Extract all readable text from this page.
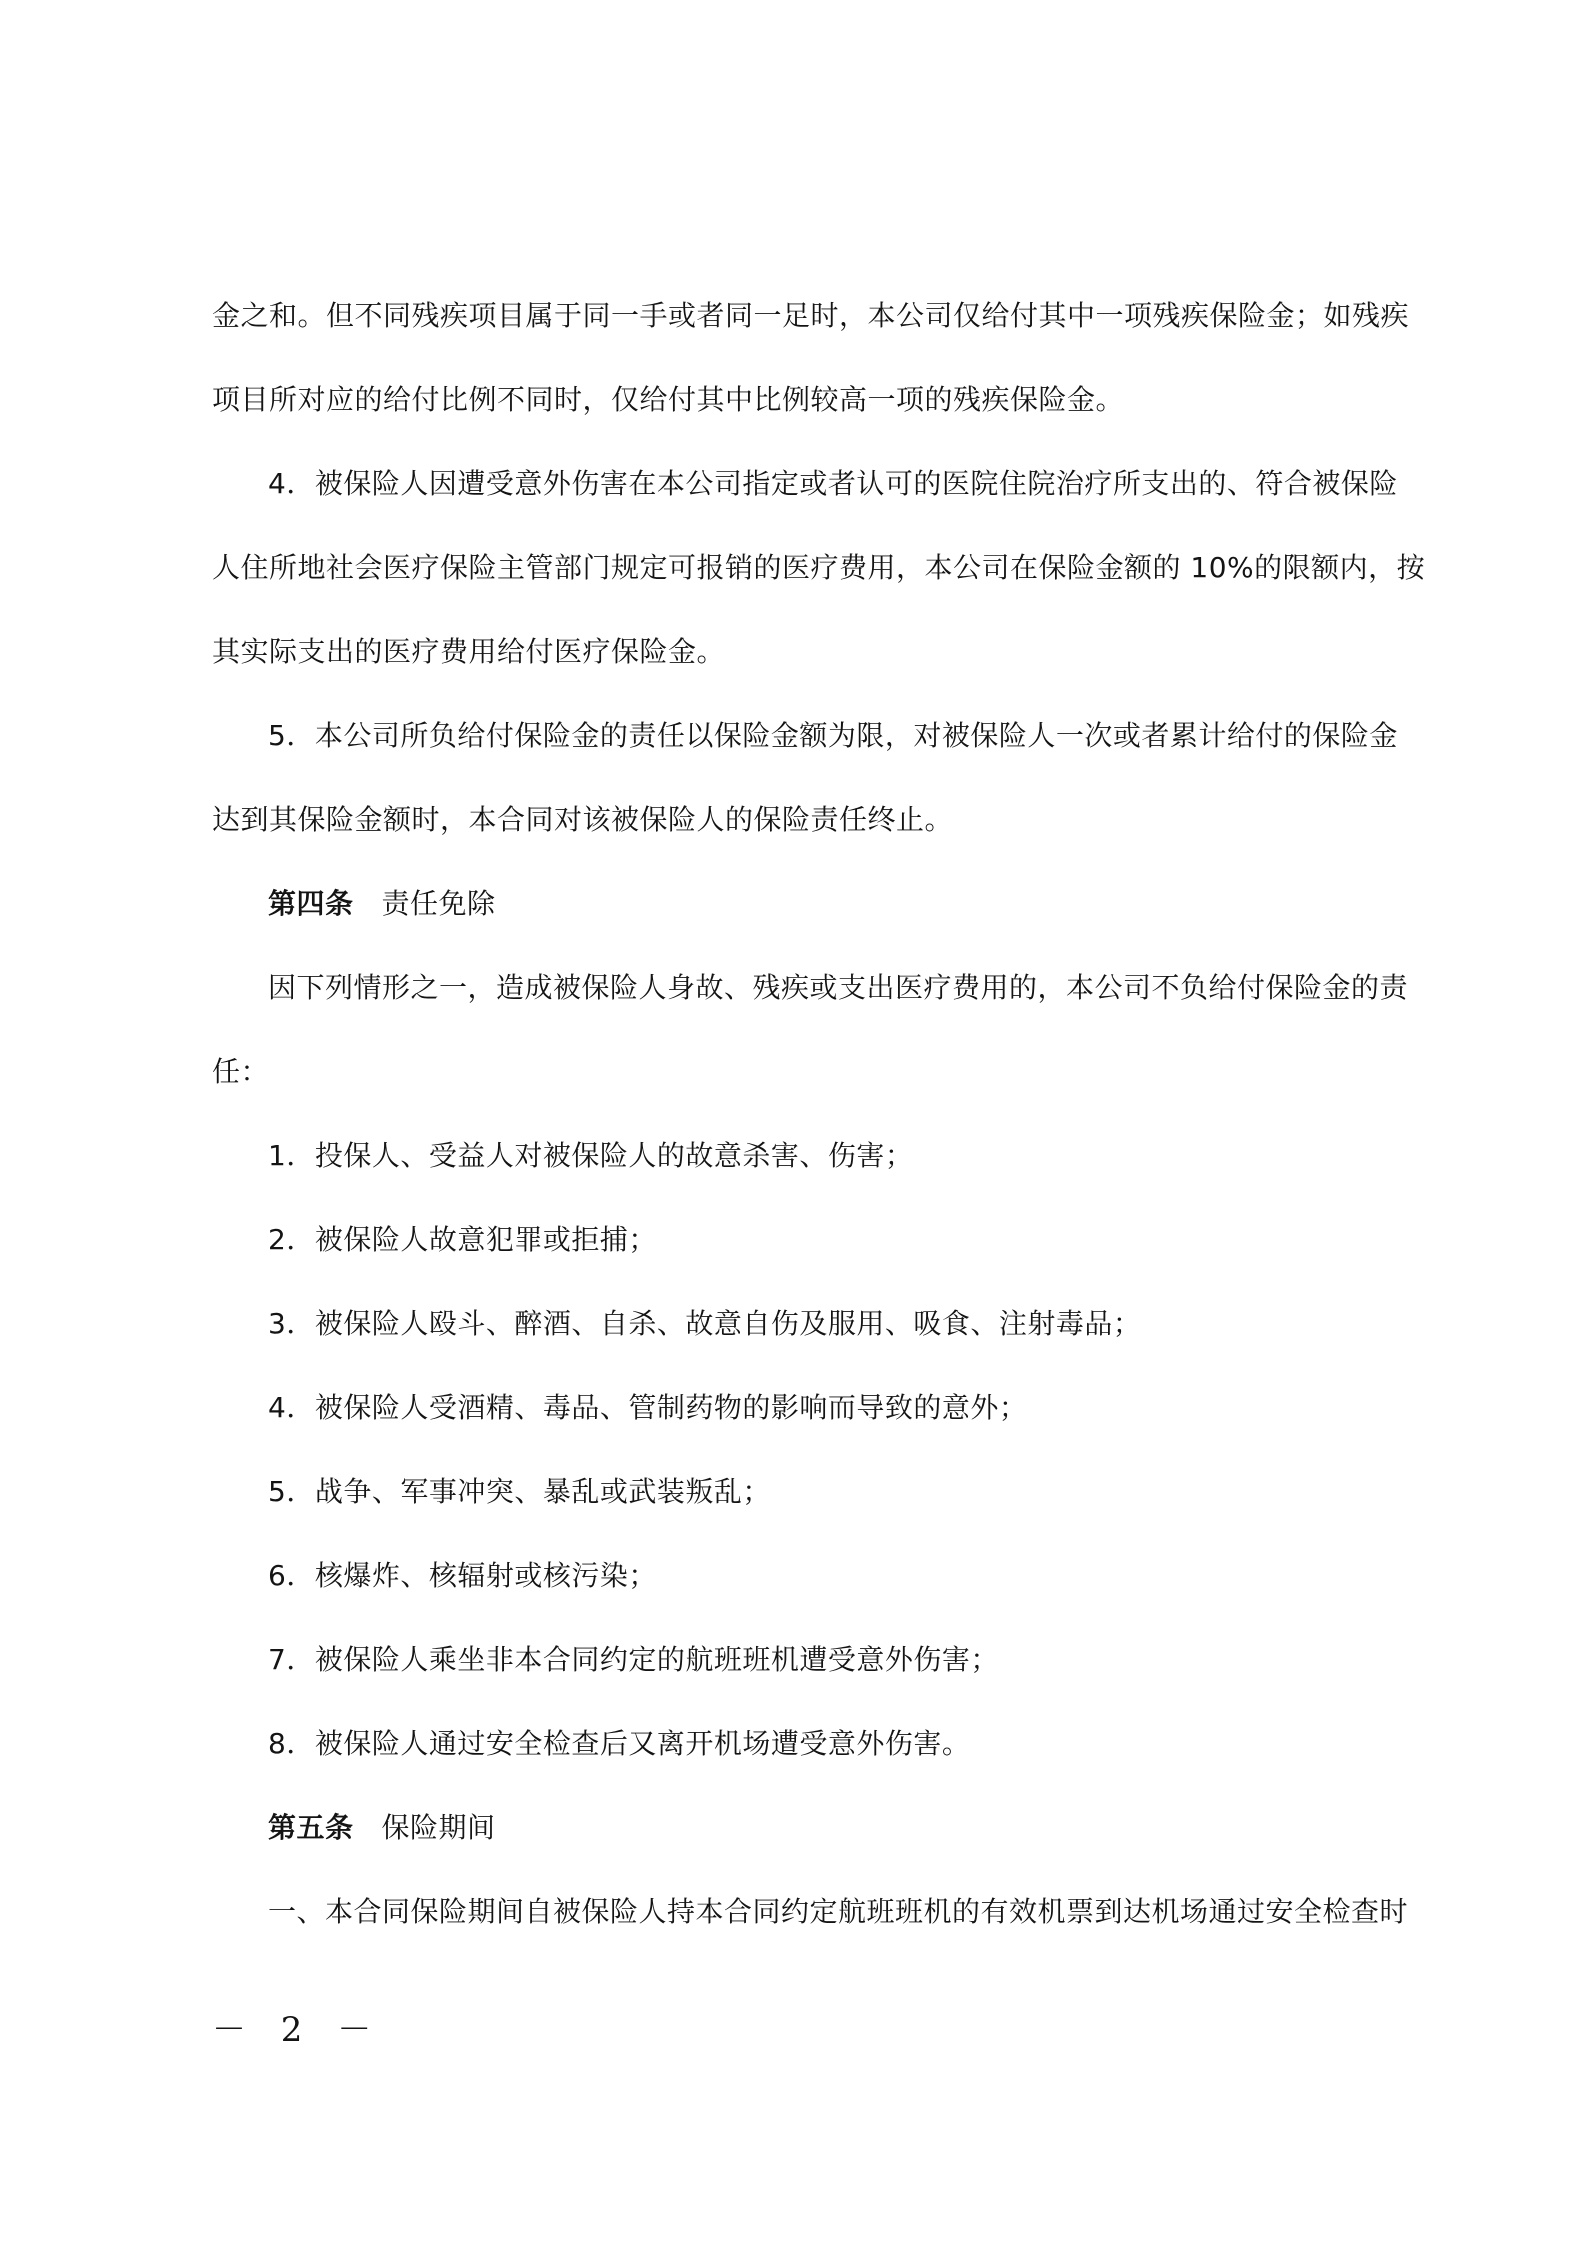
金之和。但不同残疾项目属于同一手或者同一足时，本公司仅给付其中一项残疾保险金；如残疾
项目所对应的给付比例不同时，仅给付其中比例较高一项的残疾保险金。
4．被保险人因遭受意外伤害在本公司指定或者认可的医院住院治疗所支出的、符合被保险
人住所地社会医疗保险主管部门规定可报销的医疗费用，本公司在保险金额的 10%的限额内，按
其实际支出的医疗费用给付医疗保险金。
5．本公司所负给付保险金的责任以保险金额为限，对被保险人一次或者累计给付的保险金
达到其保险金额时，本合同对该被保险人的保险责任终止。
第四条 责任免除
因下列情形之一，造成被保险人身故、残疾或支出医疗费用的，本公司不负给付保险金的责
任：
1．投保人、受益人对被保险人的故意杀害、伤害；
2．被保险人故意犯罪或拒捕；
3．被保险人殴斗、醉酒、自杀、故意自伤及服用、吸食、注射毒品；
4．被保险人受酒精、毒品、管制药物的影响而导致的意外；
5．战争、军事冲突、暴乱或武装叛乱；
6．核爆炸、核辐射或核污染；
7．被保险人乘坐非本合同约定的航班班机遭受意外伤害；
8．被保险人通过安全检查后又离开机场遭受意外伤害。
第五条 保险期间
一、本合同保险期间自被保险人持本合同约定航班班机的有效机票到达机场通过安全检查时
－ 2 －
